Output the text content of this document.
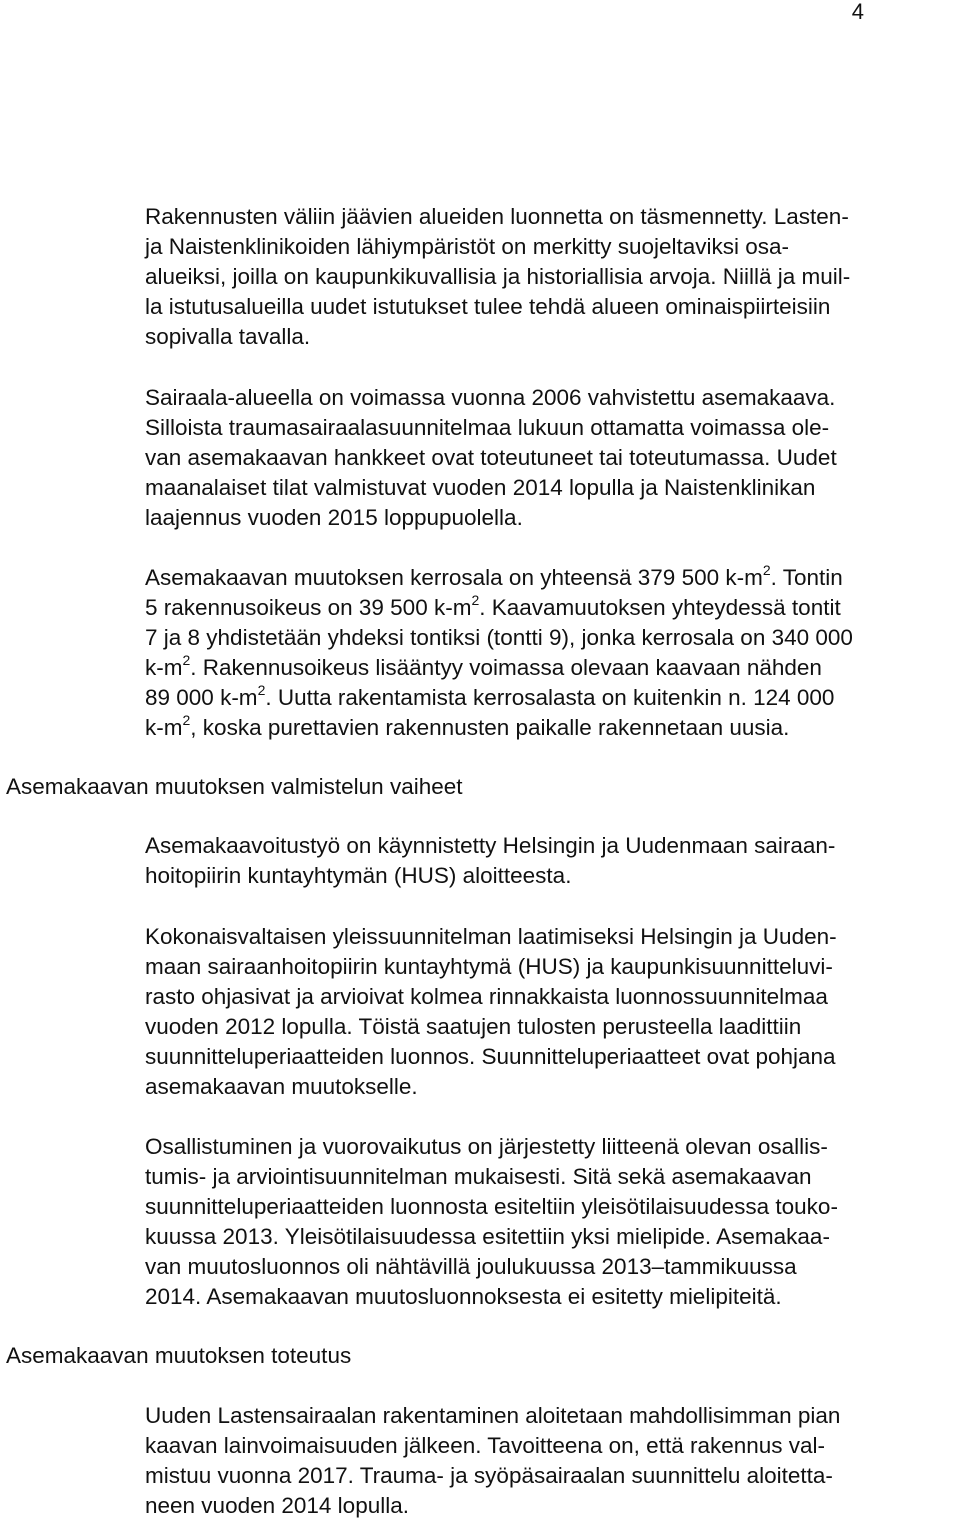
4
Rakennusten väliin jäävien alueiden luonnetta on täsmennetty. Lasten-
ja Naistenklinikoiden lähiympäristöt on merkitty suojeltaviksi osa-
alueiksi, joilla on kaupunkikuvallisia ja historiallisia arvoja. Niillä ja muil-
la istutusalueilla uudet istutukset tulee tehdä alueen ominaispiirteisiin
sopivalla tavalla.
Sairaala-alueella on voimassa vuonna 2006 vahvistettu asemakaava.
Silloista traumasairaalasuunnitelmaa lukuun ottamatta voimassa ole-
van asemakaavan hankkeet ovat toteutuneet tai toteutumassa. Uudet
maanalaiset tilat valmistuvat vuoden 2014 lopulla ja Naistenklinikan
laajennus vuoden 2015 loppupuolella.
Asemakaavan muutoksen kerrosala on yhteensä 379 500 $k-m^2$. Tontin
5 rakennusoikeus on 39 500 $k-m^2$. Kaavamuutoksen yhteydessä tontit
7 ja 8 yhdistetään yhdeksi tontiksi (tontti 9), jonka kerrosala on 340 000
$k-m^2$. Rakennusoikeus lisääntyy voimassa olevaan kaavaan nähden
89 000 $k-m^2$. Uutta rakentamista kerrosalasta on kuitenkin n. 124 000
$k-m^2$, koska purettavien rakennusten paikalle rakennetaan uusia.
Asemakaavan muutoksen valmistelun vaiheet
Asemakaavoitustyö on käynnistetty Helsingin ja Uudenmaan sairaan-
hoitopiirin kuntayhtymän (HUS) aloitteesta.
Kokonaisvaltaisen yleissuunnitelman laatimiseksi Helsingin ja Uuden-
maan sairaanhoitopiirin kuntayhtymä (HUS) ja kaupunkisuunnitteluvi-
rasto ohjasivat ja arvioivat kolmea rinnakkaista luonnossuunnitelmaa
vuoden 2012 lopulla. Töistä saatujen tulosten perusteella laadittiin
suunnitteluperiaatteiden luonnos. Suunnitteluperiaatteet ovat pohjana
asemakaavan muutokselle.
Osallistuminen ja vuorovaikutus on järjestetty liitteenä olevan osallis-
tumis- ja arviointisuunnitelman mukaisesti. Sitä sekä asemakaavan
suunnitteluperiaatteiden luonnosta esiteltiin yleisötilaisuudessa touko-
kuussa 2013. Yleisötilaisuudessa esitettiin yksi mielipide. Asemakaa-
van muutosluonnos oli nähtävillä joulukuussa 2013–tammikuussa
2014. Asemakaavan muutosluonnoksesta ei esitetty mielipiteitä.
Asemakaavan muutoksen toteutus
Uuden Lastensairaalan rakentaminen aloitetaan mahdollisimman pian
kaavan lainvoimaisuuden jälkeen. Tavoitteena on, että rakennus val-
mistuu vuonna 2017. Trauma- ja syöpäsairaalan suunnittelu aloitetta-
neen vuoden 2014 lopulla.
